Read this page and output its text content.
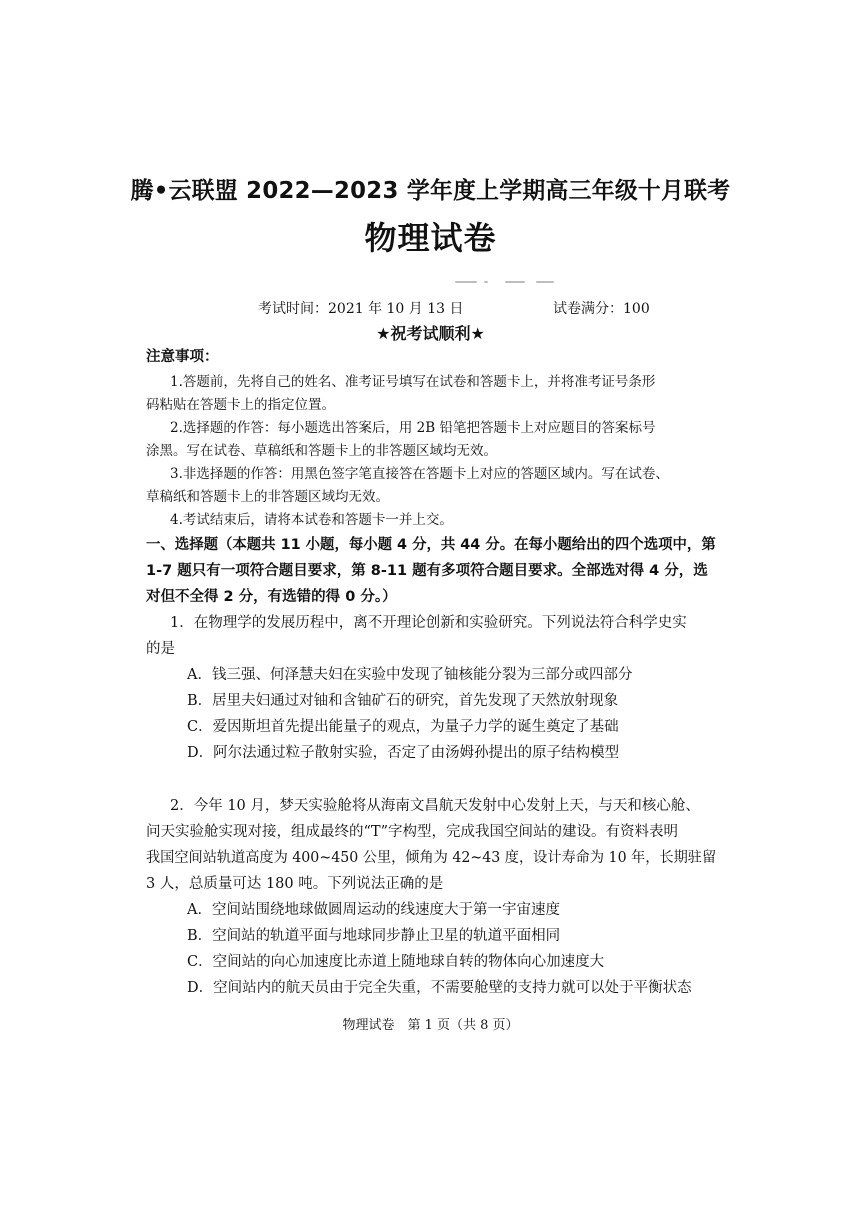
腾•云联盟 2022—2023 学年度上学期高三年级十月联考
物理试卷
考试时间：2021 年 10 月 13 日	试卷满分：100
★祝考试顺利★
注意事项：
1.答题前，先将自己的姓名、准考证号填写在试卷和答题卡上，并将准考证号条形
码粘贴在答题卡上的指定位置。
2.选择题的作答：每小题选出答案后，用 2B 铅笔把答题卡上对应题目的答案标号
涂黑。写在试卷、草稿纸和答题卡上的非答题区域均无效。
3.非选择题的作答：用黑色签字笔直接答在答题卡上对应的答题区域内。写在试卷、
草稿纸和答题卡上的非答题区域均无效。
4.考试结束后，请将本试卷和答题卡一并上交。
一、选择题（本题共 11 小题，每小题 4 分，共 44 分。在每小题给出的四个选项中，第
1-7 题只有一项符合题目要求，第 8-11 题有多项符合题目要求。全部选对得 4 分，选
对但不全得 2 分，有选错的得 0 分。）
1．在物理学的发展历程中，离不开理论创新和实验研究。下列说法符合科学史实
的是
A．钱三强、何泽慧夫妇在实验中发现了铀核能分裂为三部分或四部分
B．居里夫妇通过对铀和含铀矿石的研究，首先发现了天然放射现象
C．爱因斯坦首先提出能量子的观点，为量子力学的诞生奠定了基础
D．阿尔法通过粒子散射实验，否定了由汤姆孙提出的原子结构模型
2．今年 10 月，梦天实验舱将从海南文昌航天发射中心发射上天，与天和核心舱、
问天实验舱实现对接，组成最终的“T”字构型，完成我国空间站的建设。有资料表明
我国空间站轨道高度为 400~450 公里，倾角为 42~43 度，设计寿命为 10 年，长期驻留
3 人，总质量可达 180 吨。下列说法正确的是
A．空间站围绕地球做圆周运动的线速度大于第一宇宙速度
B．空间站的轨道平面与地球同步静止卫星的轨道平面相同
C．空间站的向心加速度比赤道上随地球自转的物体向心加速度大
D．空间站内的航天员由于完全失重，不需要舱壁的支持力就可以处于平衡状态
物理试卷　第 1 页（共 8 页）
